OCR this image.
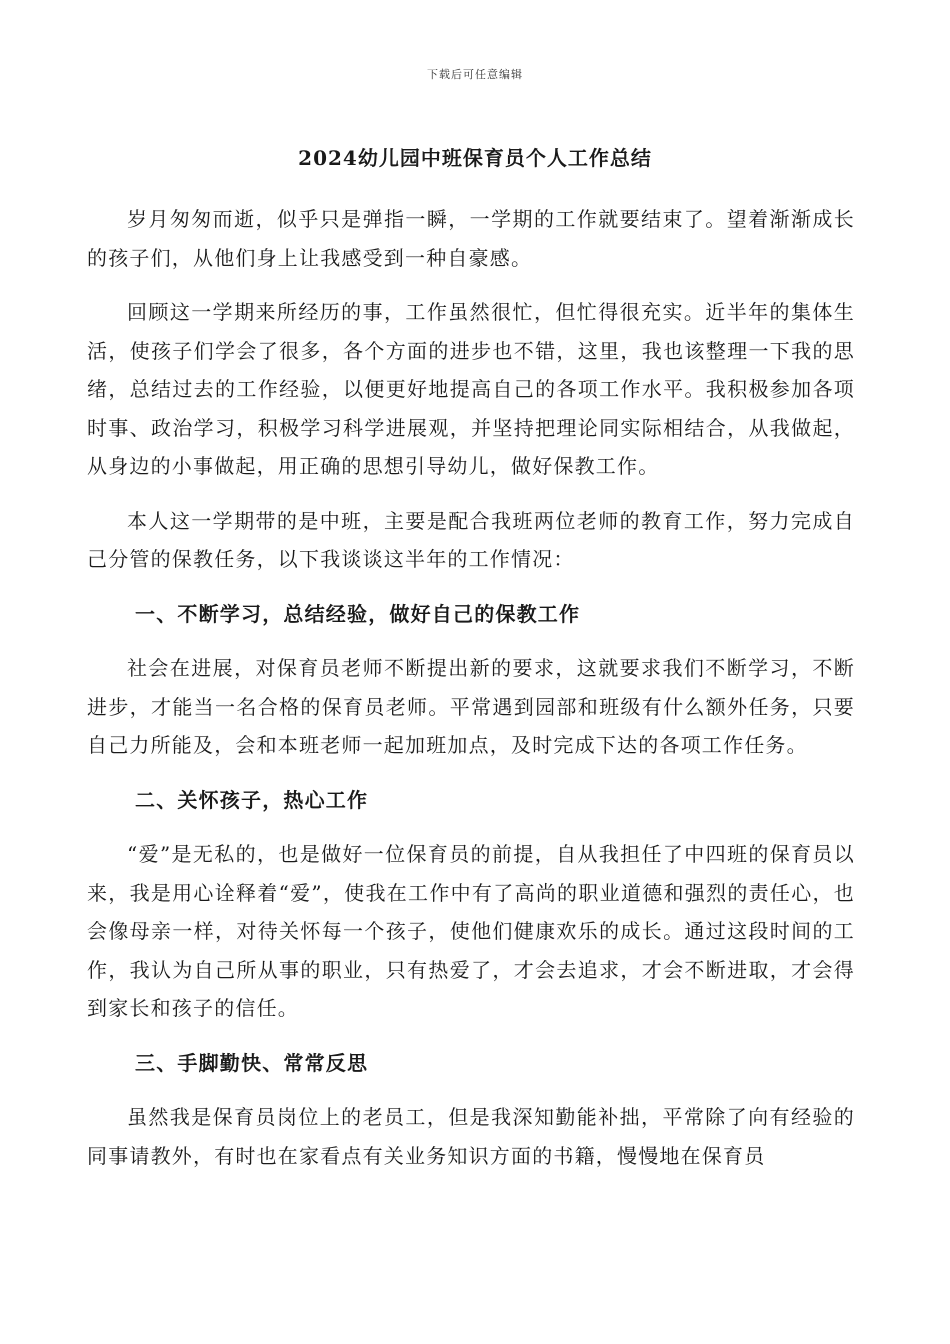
下载后可任意编辑
2024幼儿园中班保育员个人工作总结

岁月匆匆而逝，似乎只是弹指一瞬，一学期的工作就要结束了。望着渐渐成长的孩子们，从他们身上让我感受到一种自豪感。

回顾这一学期来所经历的事，工作虽然很忙，但忙得很充实。近半年的集体生活，使孩子们学会了很多，各个方面的进步也不错，这里，我也该整理一下我的思绪，总结过去的工作经验，以便更好地提高自己的各项工作水平。我积极参加各项时事、政治学习，积极学习科学进展观，并坚持把理论同实际相结合，从我做起，从身边的小事做起，用正确的思想引导幼儿，做好保教工作。

本人这一学期带的是中班，主要是配合我班两位老师的教育工作，努力完成自己分管的保教任务，以下我谈谈这半年的工作情况：

一、不断学习，总结经验，做好自己的保教工作

社会在进展，对保育员老师不断提出新的要求，这就要求我们不断学习，不断进步，才能当一名合格的保育员老师。平常遇到园部和班级有什么额外任务，只要自己力所能及，会和本班老师一起加班加点，及时完成下达的各项工作任务。

二、关怀孩子，热心工作

“爱”是无私的，也是做好一位保育员的前提，自从我担任了中四班的保育员以来，我是用心诠释着“爱”，使我在工作中有了高尚的职业道德和强烈的责任心，也会像母亲一样，对待关怀每一个孩子，使他们健康欢乐的成长。通过这段时间的工作，我认为自己所从事的职业，只有热爱了，才会去追求，才会不断进取，才会得到家长和孩子的信任。

三、手脚勤快、常常反思

虽然我是保育员岗位上的老员工，但是我深知勤能补拙，平常除了向有经验的同事请教外，有时也在家看点有关业务知识方面的书籍，慢慢地在保育员
